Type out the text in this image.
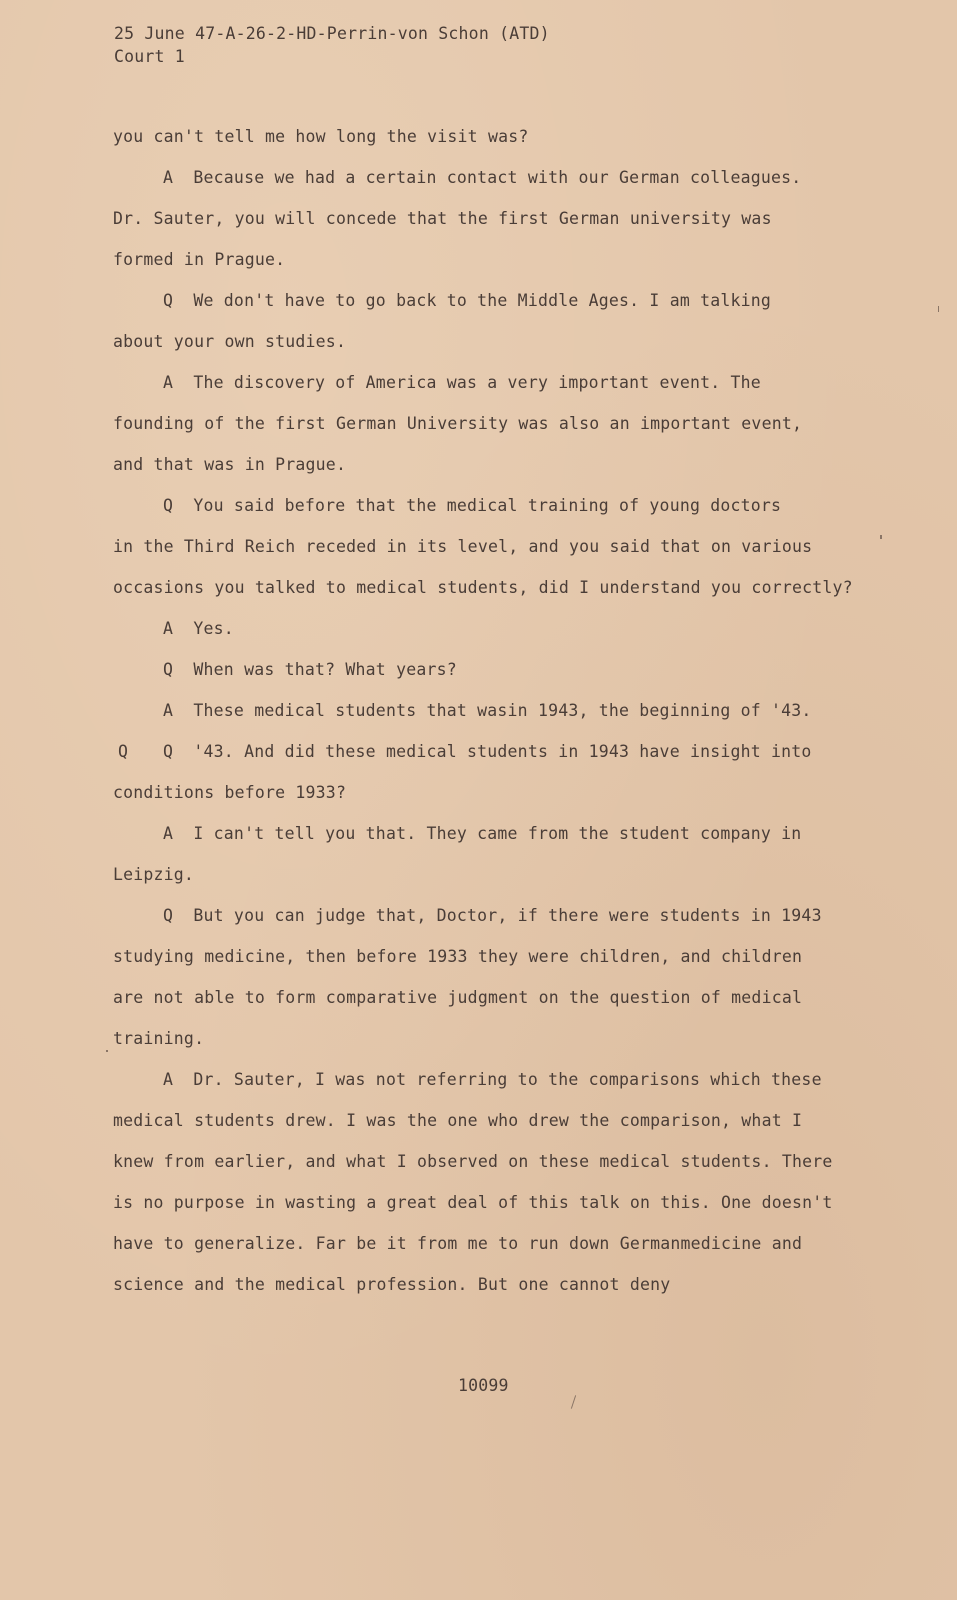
25 June 47-A-26-2-HD-Perrin-von Schon (ATD)
Court 1
you can't tell me how long the visit was?
A  Because we had a certain contact with our German colleagues.
Dr. Sauter, you will concede that the first German university was
formed in Prague.
Q  We don't have to go back to the Middle Ages. I am talking
about your own studies.
A  The discovery of America was a very important event. The
founding of the first German University was also an important event,
and that was in Prague.
Q  You said before that the medical training of young doctors
in the Third Reich receded in its level, and you said that on various
occasions you talked to medical students, did I understand you correctly?
A  Yes.
Q  When was that? What years?
A  These medical students that wasin 1943, the beginning of '43.
Q Q  '43. And did these medical students in 1943 have insight into
conditions before 1933?
A  I can't tell you that. They came from the student company in
Leipzig.
Q  But you can judge that, Doctor, if there were students in 1943
studying medicine, then before 1933 they were children, and children
are not able to form comparative judgment on the question of medical
training.
A  Dr. Sauter, I was not referring to the comparisons which these
medical students drew. I was the one who drew the comparison, what I
knew from earlier, and what I observed on these medical students. There
is no purpose in wasting a great deal of this talk on this. One doesn't
have to generalize. Far be it from me to run down Germanmedicine and
science and the medical profession. But one cannot deny
10099
